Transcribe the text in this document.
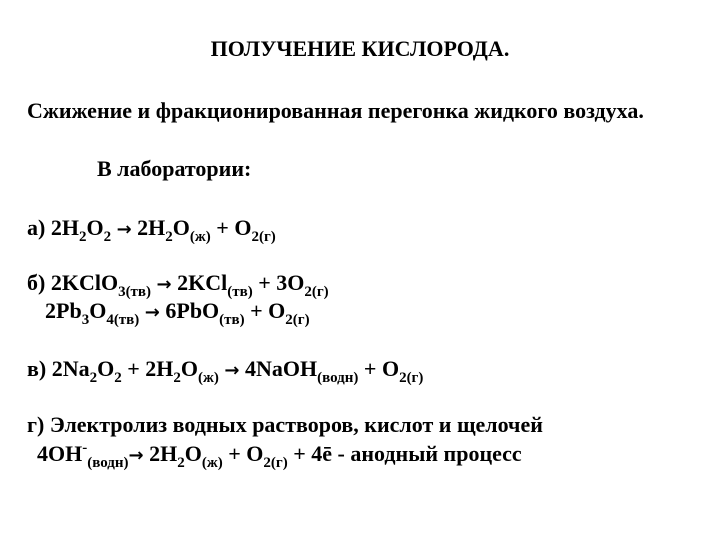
ПОЛУЧЕНИЕ КИСЛОРОДА.
Сжижение и фракционированная перегонка жидкого воздуха.
В лаборатории:
а) $2H_2O_2 \to 2H_2O_{(ж)} + O_{2(г)}$
б) 2KClO$_{3(тв)}$ → $2KCl_{(тв)} + 3O_{2(г)}$
$2Pb_3O_{4(тв)} \to 6PbO_{(тв)} + O_{2(г)}$
в) $2Na_2O_2 + 2H_2O_{(ж)}$ → 4NaOH$_{(водн)}$ + $O_{2(г)}$
г) Электролиз водных растворов, кислот и щелочей
$4OH^-_{(водн)}\to 2H_2O_{(ж)} + O_{2(г)}$ + 4ē - анодный процесс
